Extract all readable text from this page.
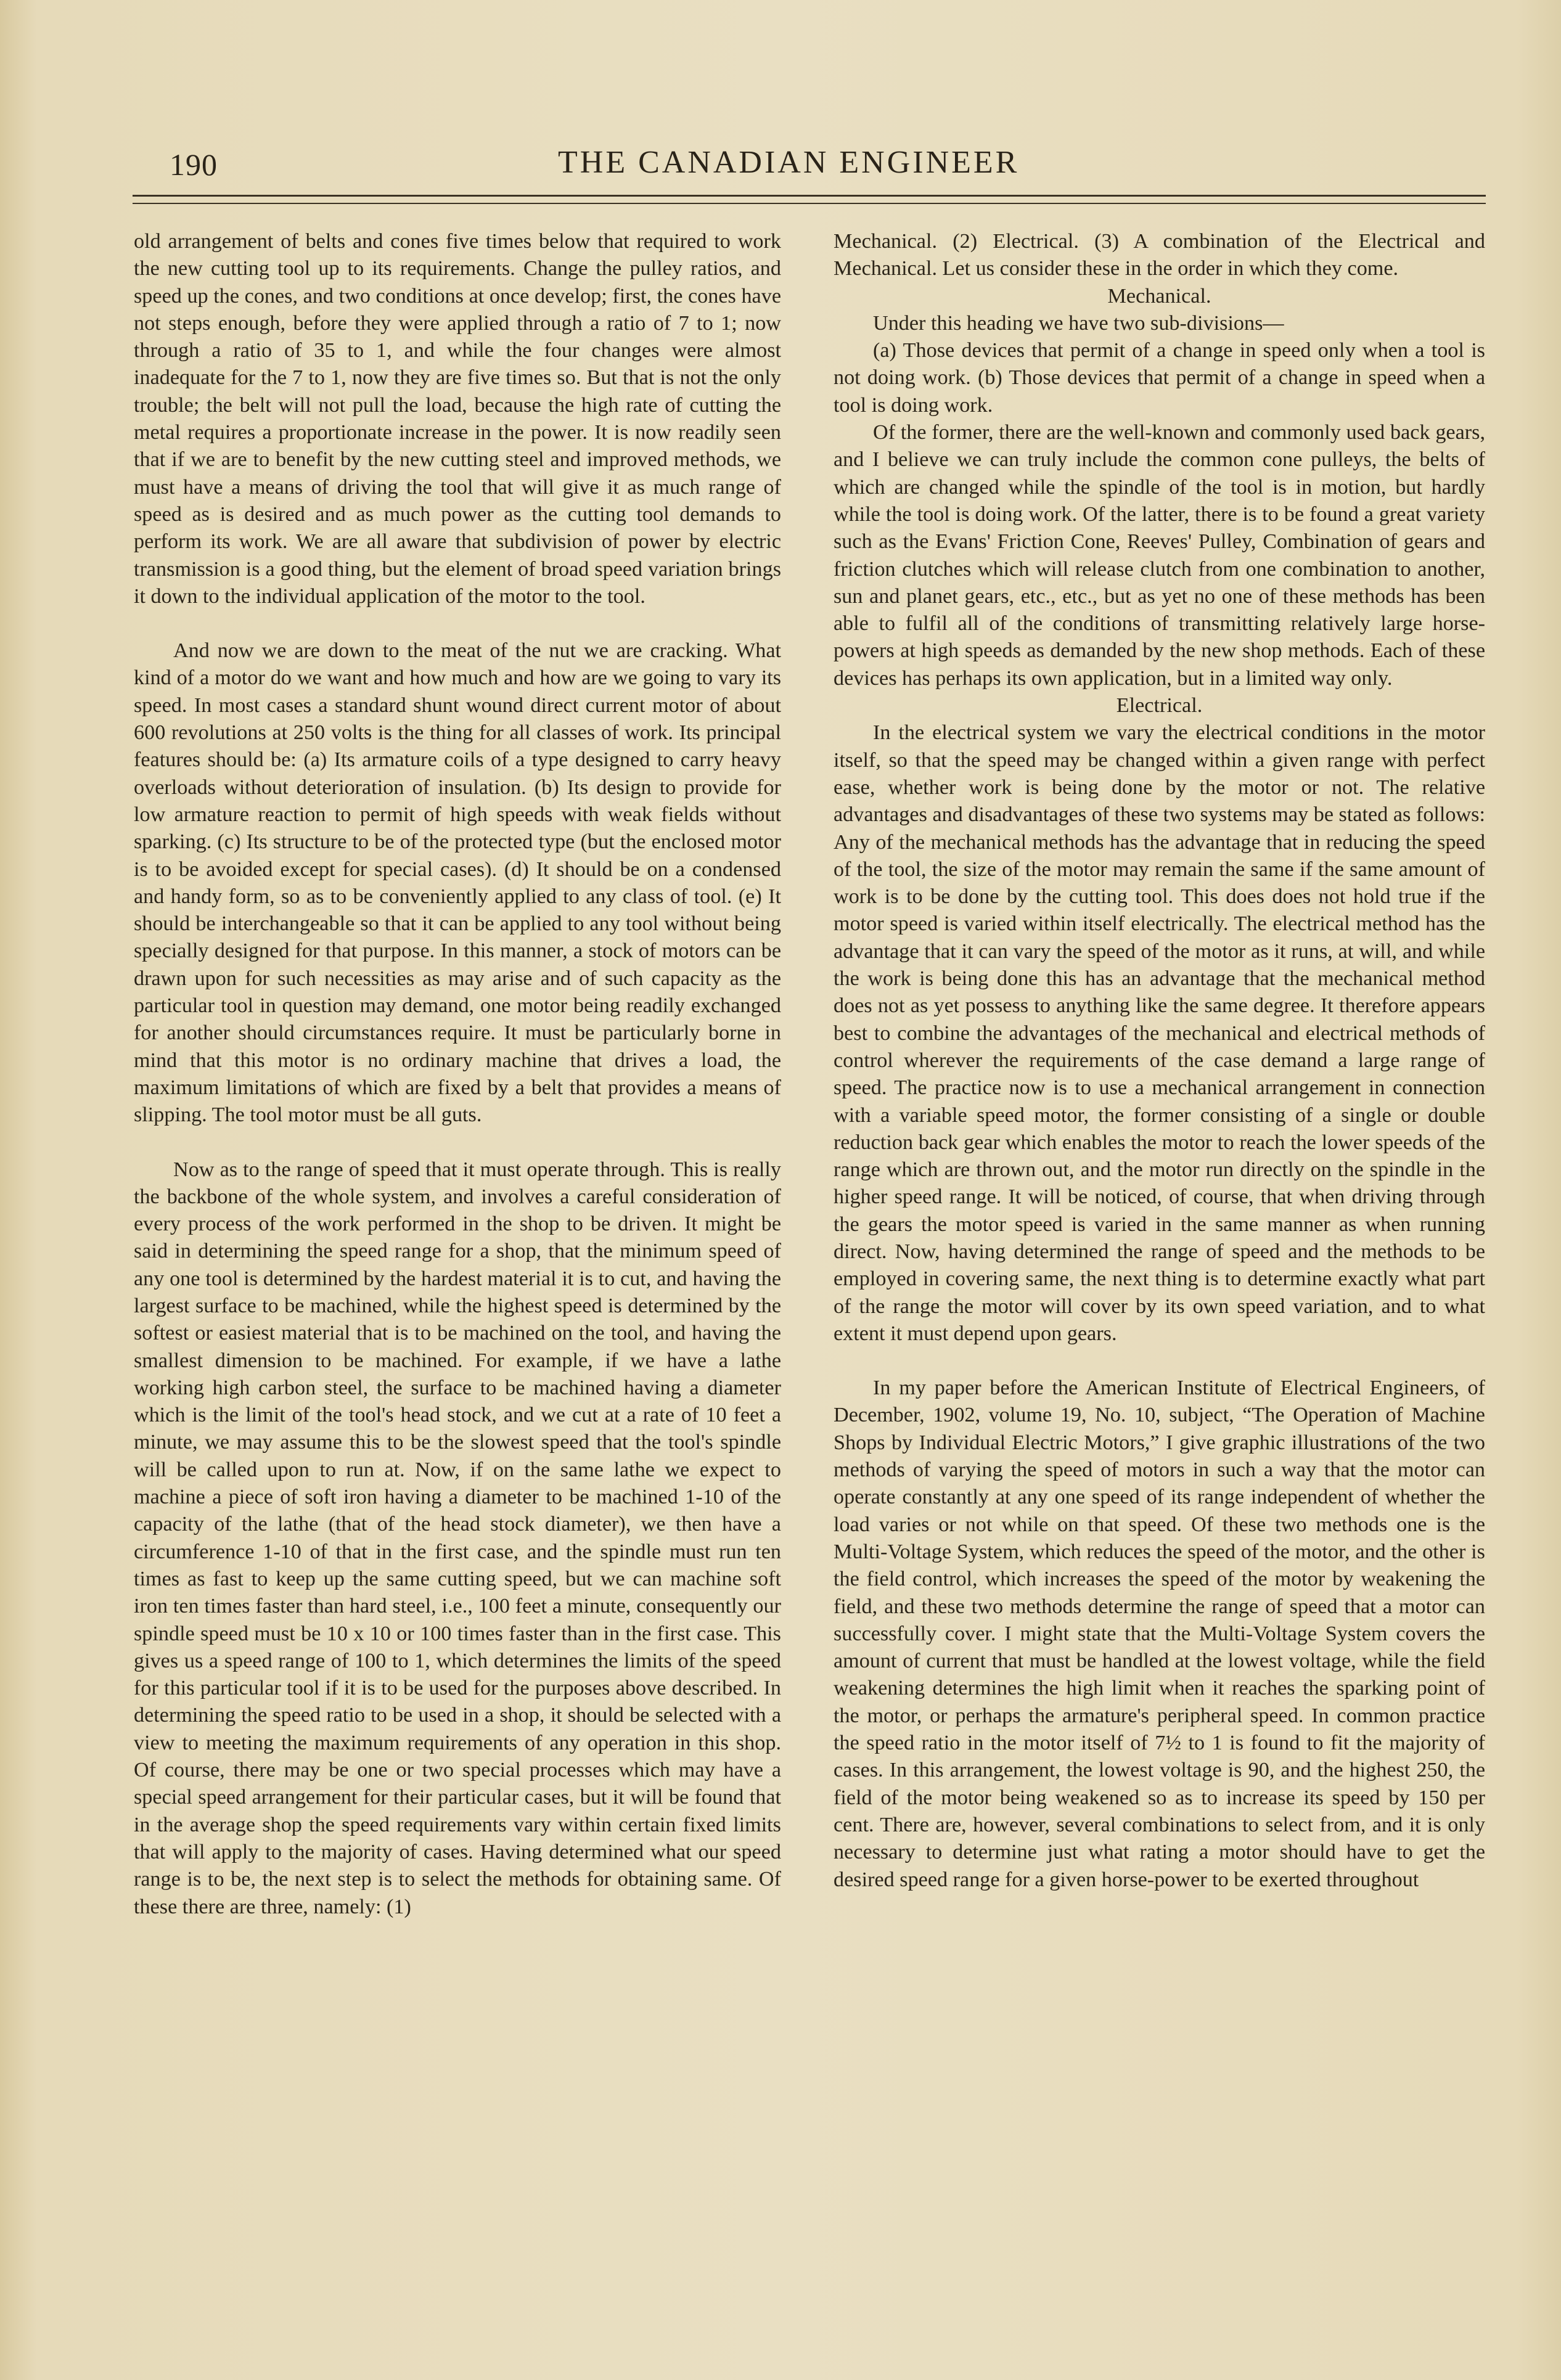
190	THE CANADIAN ENGINEER

old arrangement of belts and cones five times below that required to work the new cutting tool up to its requirements. Change the pulley ratios, and speed up the cones, and two conditions at once develop; first, the cones have not steps enough, before they were applied through a ratio of 7 to 1; now through a ratio of 35 to 1, and while the four changes were almost inadequate for the 7 to 1, now they are five times so. But that is not the only trouble; the belt will not pull the load, because the high rate of cutting the metal requires a proportionate increase in the power. It is now readily seen that if we are to benefit by the new cutting steel and improved methods, we must have a means of driving the tool that will give it as much range of speed as is desired and as much power as the cutting tool demands to perform its work. We are all aware that subdivision of power by electric transmission is a good thing, but the element of broad speed variation brings it down to the individual application of the motor to the tool.

And now we are down to the meat of the nut we are cracking. What kind of a motor do we want and how much and how are we going to vary its speed. In most cases a standard shunt wound direct current motor of about 600 revolutions at 250 volts is the thing for all classes of work. Its principal features should be: (a) Its armature coils of a type designed to carry heavy overloads without deterioration of insulation. (b) Its design to provide for low armature reaction to permit of high speeds with weak fields without sparking. (c) Its structure to be of the protected type (but the enclosed motor is to be avoided except for special cases). (d) It should be on a condensed and handy form, so as to be conveniently applied to any class of tool. (e) It should be interchangeable so that it can be applied to any tool without being specially designed for that purpose. In this manner, a stock of motors can be drawn upon for such necessities as may arise and of such capacity as the particular tool in question may demand, one motor being readily exchanged for another should circumstances require. It must be particularly borne in mind that this motor is no ordinary machine that drives a load, the maximum limitations of which are fixed by a belt that provides a means of slipping. The tool motor must be all guts.

Now as to the range of speed that it must operate through. This is really the backbone of the whole system, and involves a careful consideration of every process of the work performed in the shop to be driven. It might be said in determining the speed range for a shop, that the minimum speed of any one tool is determined by the hardest material it is to cut, and having the largest surface to be machined, while the highest speed is determined by the softest or easiest material that is to be machined on the tool, and having the smallest dimension to be machined. For example, if we have a lathe working high carbon steel, the surface to be machined having a diameter which is the limit of the tool's head stock, and we cut at a rate of 10 feet a minute, we may assume this to be the slowest speed that the tool's spindle will be called upon to run at. Now, if on the same lathe we expect to machine a piece of soft iron having a diameter to be machined 1-10 of the capacity of the lathe (that of the head stock diameter), we then have a circumference 1-10 of that in the first case, and the spindle must run ten times as fast to keep up the same cutting speed, but we can machine soft iron ten times faster than hard steel, i.e., 100 feet a minute, consequently our spindle speed must be 10 x 10 or 100 times faster than in the first case. This gives us a speed range of 100 to 1, which determines the limits of the speed for this particular tool if it is to be used for the purposes above described. In determining the speed ratio to be used in a shop, it should be selected with a view to meeting the maximum requirements of any operation in this shop. Of course, there may be one or two special processes which may have a special speed arrangement for their particular cases, but it will be found that in the average shop the speed requirements vary within certain fixed limits that will apply to the majority of cases. Having determined what our speed range is to be, the next step is to select the methods for obtaining same. Of these there are three, namely: (1)

Mechanical. (2) Electrical. (3) A combination of the Electrical and Mechanical. Let us consider these in the order in which they come.

Mechanical.

Under this heading we have two sub-divisions—

(a) Those devices that permit of a change in speed only when a tool is not doing work. (b) Those devices that permit of a change in speed when a tool is doing work.

Of the former, there are the well-known and commonly used back gears, and I believe we can truly include the common cone pulleys, the belts of which are changed while the spindle of the tool is in motion, but hardly while the tool is doing work. Of the latter, there is to be found a great variety such as the Evans' Friction Cone, Reeves' Pulley, Combination of gears and friction clutches which will release clutch from one combination to another, sun and planet gears, etc., etc., but as yet no one of these methods has been able to fulfil all of the conditions of transmitting relatively large horse-powers at high speeds as demanded by the new shop methods. Each of these devices has perhaps its own application, but in a limited way only.

Electrical.

In the electrical system we vary the electrical conditions in the motor itself, so that the speed may be changed within a given range with perfect ease, whether work is being done by the motor or not. The relative advantages and disadvantages of these two systems may be stated as follows: Any of the mechanical methods has the advantage that in reducing the speed of the tool, the size of the motor may remain the same if the same amount of work is to be done by the cutting tool. This does does not hold true if the motor speed is varied within itself electrically. The electrical method has the advantage that it can vary the speed of the motor as it runs, at will, and while the work is being done this has an advantage that the mechanical method does not as yet possess to anything like the same degree. It therefore appears best to combine the advantages of the mechanical and electrical methods of control wherever the requirements of the case demand a large range of speed. The practice now is to use a mechanical arrangement in connection with a variable speed motor, the former consisting of a single or double reduction back gear which enables the motor to reach the lower speeds of the range which are thrown out, and the motor run directly on the spindle in the higher speed range. It will be noticed, of course, that when driving through the gears the motor speed is varied in the same manner as when running direct. Now, having determined the range of speed and the methods to be employed in covering same, the next thing is to determine exactly what part of the range the motor will cover by its own speed variation, and to what extent it must depend upon gears.

In my paper before the American Institute of Electrical Engineers, of December, 1902, volume 19, No. 10, subject, “The Operation of Machine Shops by Individual Electric Motors,” I give graphic illustrations of the two methods of varying the speed of motors in such a way that the motor can operate constantly at any one speed of its range independent of whether the load varies or not while on that speed. Of these two methods one is the Multi-Voltage System, which reduces the speed of the motor, and the other is the field control, which increases the speed of the motor by weakening the field, and these two methods determine the range of speed that a motor can successfully cover. I might state that the Multi-Voltage System covers the amount of current that must be handled at the lowest voltage, while the field weakening determines the high limit when it reaches the sparking point of the motor, or perhaps the armature's peripheral speed. In common practice the speed ratio in the motor itself of 7½ to 1 is found to fit the majority of cases. In this arrangement, the lowest voltage is 90, and the highest 250, the field of the motor being weakened so as to increase its speed by 150 per cent. There are, however, several combinations to select from, and it is only necessary to determine just what rating a motor should have to get the desired speed range for a given horse-power to be exerted throughout
